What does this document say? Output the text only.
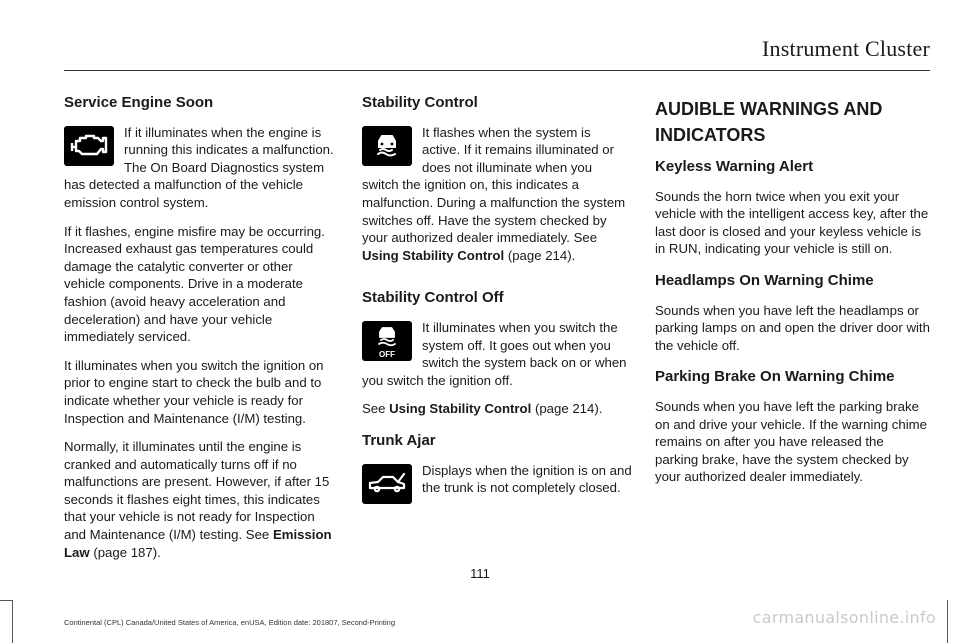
Instrument Cluster
Service Engine Soon

If it illuminates when the engine is running this indicates a malfunction. The On Board Diagnostics system has detected a malfunction of the vehicle emission control system.

If it flashes, engine misfire may be occurring. Increased exhaust gas temperatures could damage the catalytic converter or other vehicle components. Drive in a moderate fashion (avoid heavy acceleration and deceleration) and have your vehicle immediately serviced.

It illuminates when you switch the ignition on prior to engine start to check the bulb and to indicate whether your vehicle is ready for Inspection and Maintenance (I/M) testing.

Normally, it illuminates until the engine is cranked and automatically turns off if no malfunctions are present. However, if after 15 seconds it flashes eight times, this indicates that your vehicle is not ready for Inspection and Maintenance (I/M) testing. See Emission Law (page 187).

Stability Control

It flashes when the system is active. If it remains illuminated or does not illuminate when you switch the ignition on, this indicates a malfunction. During a malfunction the system switches off. Have the system checked by your authorized dealer immediately. See Using Stability Control (page 214).

Stability Control Off
OFF

It illuminates when you switch the system off. It goes out when you switch the system back on or when you switch the ignition off.

See Using Stability Control (page 214).

Trunk Ajar

Displays when the ignition is on and the trunk is not completely closed.

AUDIBLE WARNINGS AND INDICATORS
Keyless Warning Alert

Sounds the horn twice when you exit your vehicle with the intelligent access key, after the last door is closed and your keyless vehicle is in RUN, indicating your vehicle is still on.

Headlamps On Warning Chime

Sounds when you have left the headlamps or parking lamps on and open the driver door with the vehicle off.

Parking Brake On Warning Chime

Sounds when you have left the parking brake on and drive your vehicle. If the warning chime remains on after you have released the parking brake, have the system checked by your authorized dealer immediately.

111
Continental (CPL) Canada/United States of America, enUSA, Edition date: 201807, Second-Printing	carmanualsonline.info
